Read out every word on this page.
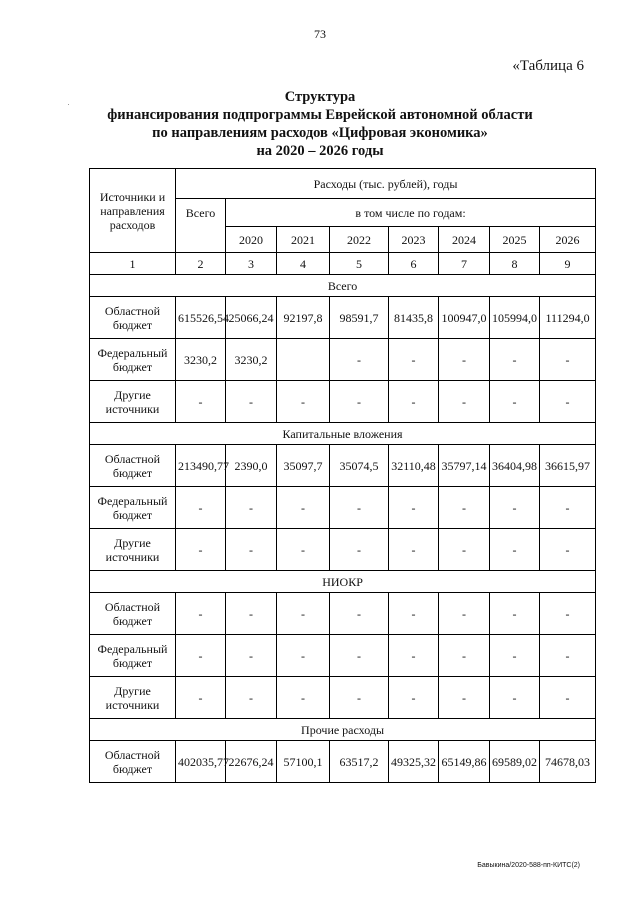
73
«Таблица 6
Структура
финансирования подпрограммы Еврейской автономной области
по направлениям расходов «Цифровая экономика»
на 2020 – 2026 годы
Источники и направления расходов	Расходы (тыс. рублей), годы							
	Всего	в том числе по годам:						
		2020	2021	2022	2023	2024	2025	2026
1	2	3	4	5	6	7	8	9
Всего								
Областной бюджет	615526,54	25066,24	92197,8	98591,7	81435,8	100947,0	105994,0	111294,0
Федеральный бюджет	3230,2	3230,2		-	-	-	-	-
Другие источники	-	-	-	-	-	-	-	-
Капитальные вложения								
Областной бюджет	213490,77	2390,0	35097,7	35074,5	32110,48	35797,14	36404,98	36615,97
Федеральный бюджет	-	-	-	-	-	-	-	-
Другие источники	-	-	-	-	-	-	-	-
НИОКР								
Областной бюджет	-	-	-	-	-	-	-	-
Федеральный бюджет	-	-	-	-	-	-	-	-
Другие источники	-	-	-	-	-	-	-	-
Прочие расходы								
Областной бюджет	402035,77	22676,24	57100,1	63517,2	49325,32	65149,86	69589,02	74678,03
Бавыкина/2020-588-пп-КИТС(2)
